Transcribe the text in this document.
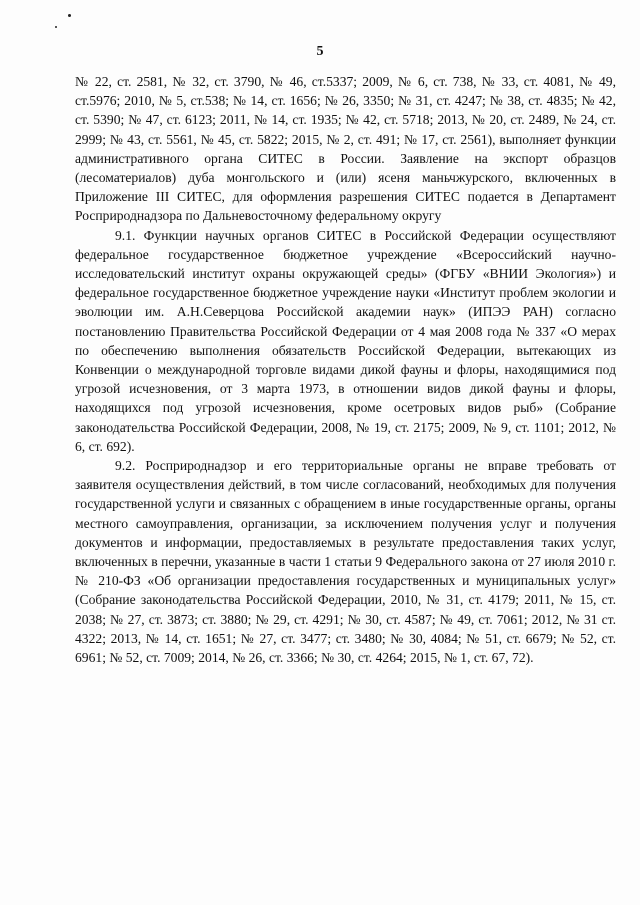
5

№ 22, ст. 2581, № 32, ст. 3790, № 46, ст.5337; 2009, № 6, ст. 738, № 33, ст. 4081, № 49, ст.5976; 2010, № 5, ст.538; № 14, ст. 1656; № 26, 3350; № 31, ст. 4247; № 38, ст. 4835; № 42, ст. 5390; № 47, ст. 6123; 2011, № 14, ст. 1935; № 42, ст. 5718; 2013, № 20, ст. 2489, № 24, ст. 2999; № 43, ст. 5561, № 45, ст. 5822; 2015, № 2, ст. 491; № 17, ст. 2561), выполняет функции административного органа СИТЕС в России. Заявление на экспорт образцов (лесоматериалов) дуба монгольского и (или) ясеня маньчжурского, включенных в Приложение III СИТЕС, для оформления разрешения СИТЕС подается в Департамент Росприроднадзора по Дальневосточному федеральному округу

9.1. Функции научных органов СИТЕС в Российской Федерации осуществляют федеральное государственное бюджетное учреждение «Всероссийский научно-исследовательский институт охраны окружающей среды» (ФГБУ «ВНИИ Экология») и федеральное государственное бюджетное учреждение науки «Институт проблем экологии и эволюции им. А.Н.Северцова Российской академии наук» (ИПЭЭ РАН) согласно постановлению Правительства Российской Федерации от 4 мая 2008 года № 337 «О мерах по обеспечению выполнения обязательств Российской Федерации, вытекающих из Конвенции о международной торговле видами дикой фауны и флоры, находящимися под угрозой исчезновения, от 3 марта 1973, в отношении видов дикой фауны и флоры, находящихся под угрозой исчезновения, кроме осетровых видов рыб» (Собрание законодательства Российской Федерации, 2008, № 19, ст. 2175; 2009, № 9, ст. 1101; 2012, № 6, ст. 692).

9.2. Росприроднадзор и его территориальные органы не вправе требовать от заявителя осуществления действий, в том числе согласований, необходимых для получения государственной услуги и связанных с обращением в иные государственные органы, органы местного самоуправления, организации, за исключением получения услуг и получения документов и информации, предоставляемых в результате предоставления таких услуг, включенных в перечни, указанные в части 1 статьи 9 Федерального закона от 27 июля 2010 г. № 210-ФЗ «Об организации предоставления государственных и муниципальных услуг» (Собрание законодательства Российской Федерации, 2010, № 31, ст. 4179; 2011, № 15, ст. 2038; № 27, ст. 3873; ст. 3880; № 29, ст. 4291; № 30, ст. 4587; № 49, ст. 7061; 2012, № 31 ст. 4322; 2013, № 14, ст. 1651; № 27, ст. 3477; ст. 3480; № 30, 4084; № 51, ст. 6679; № 52, ст. 6961; № 52, ст. 7009; 2014, № 26, ст. 3366; № 30, ст. 4264; 2015, № 1, ст. 67, 72).
